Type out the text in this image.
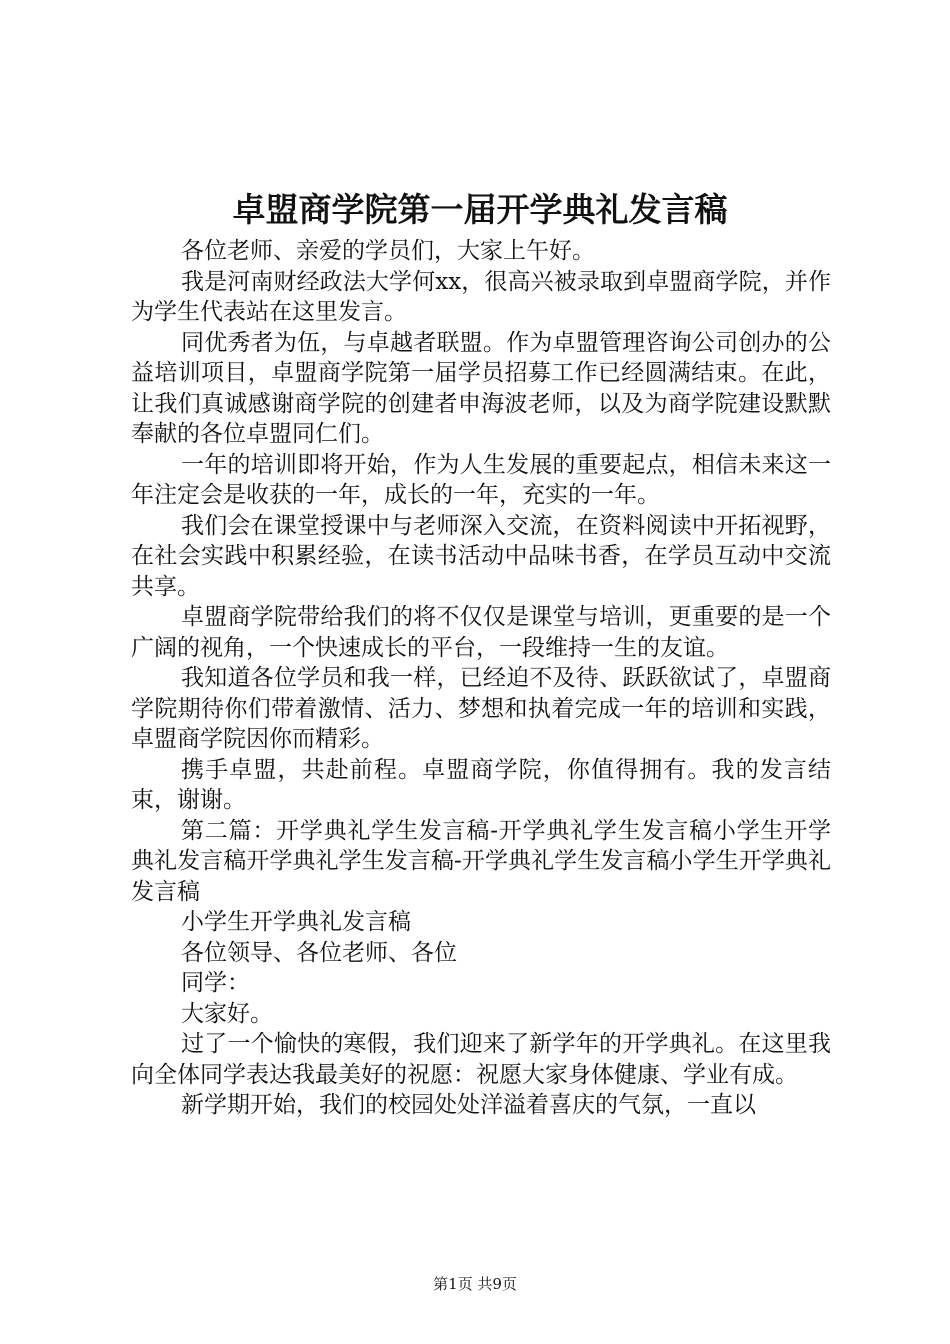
卓盟商学院第一届开学典礼发言稿

各位老师、亲爱的学员们，大家上午好。

我是河南财经政法大学何xx，很高兴被录取到卓盟商学院，并作为学生代表站在这里发言。

同优秀者为伍，与卓越者联盟。作为卓盟管理咨询公司创办的公益培训项目，卓盟商学院第一届学员招募工作已经圆满结束。在此，让我们真诚感谢商学院的创建者申海波老师，以及为商学院建设默默奉献的各位卓盟同仁们。

一年的培训即将开始，作为人生发展的重要起点，相信未来这一年注定会是收获的一年，成长的一年，充实的一年。

我们会在课堂授课中与老师深入交流，在资料阅读中开拓视野，在社会实践中积累经验，在读书活动中品味书香，在学员互动中交流共享。

卓盟商学院带给我们的将不仅仅是课堂与培训，更重要的是一个广阔的视角，一个快速成长的平台，一段维持一生的友谊。

我知道各位学员和我一样，已经迫不及待、跃跃欲试了，卓盟商学院期待你们带着激情、活力、梦想和执着完成一年的培训和实践，卓盟商学院因你而精彩。

携手卓盟，共赴前程。卓盟商学院，你值得拥有。我的发言结束，谢谢。

第二篇：开学典礼学生发言稿-开学典礼学生发言稿小学生开学典礼发言稿开学典礼学生发言稿-开学典礼学生发言稿小学生开学典礼发言稿

小学生开学典礼发言稿

各位领导、各位老师、各位

同学：

大家好。

过了一个愉快的寒假，我们迎来了新学年的开学典礼。在这里我向全体同学表达我最美好的祝愿：祝愿大家身体健康、学业有成。

新学期开始，我们的校园处处洋溢着喜庆的气氛，一直以

第1页 共9页
